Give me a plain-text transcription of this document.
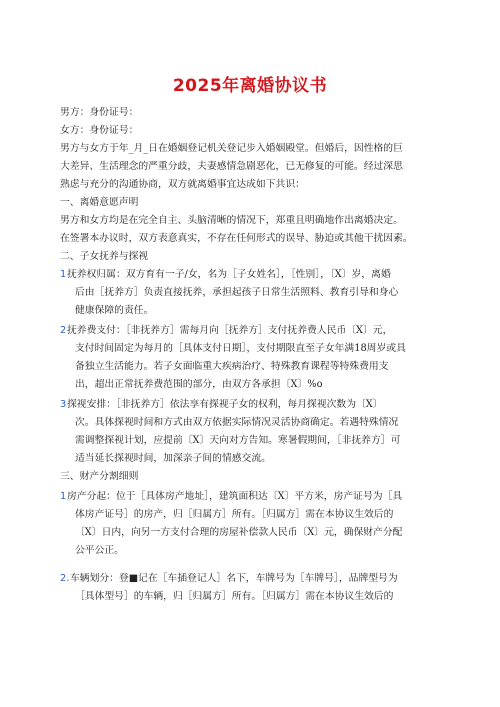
2025年离婚协议书
男方：身份证号：
女方：身份证号：
男方与女方于年_月_日在婚姻登记机关登记步入婚姻殿堂。但婚后，因性格的巨
大差异、生活理念的严重分歧，夫妻感情急剧恶化，已无修复的可能。经过深思
熟虑与充分的沟通协商，双方就离婚事宜达成如下共识：
一、离婚意愿声明
男方和女方均是在完全自主、头脑清晰的情况下，郑重且明确地作出离婚决定。
在签署本办议时，双方表意真实，不存在任何形式的误导、胁迫或其他干扰因素。
二、子女抚养与探视
1 抚养权归属：双方育有一子/女，名为［子女姓名］，［性别］，〔X〕岁，离婚
后由［抚养方］负责直接抚养，承担起孩子日常生活照料、教育引导和身心
健康保障的责任。
2 抚养费支付：［非抚养方］需每月向［抚养方］支付抚养费人民币〔X〕元，
支付时间固定为每月的［具体支付日期］，支付期限直至子女年满18周岁或具
备独立生活能力。若子女面临重大疾病治疗、特殊教育课程等特殊费用支
出，超出正常抚养费范围的部分，由双方各承担〔X〕%o
3 探视安排：［非抚养方］依法享有探视子女的权利，每月探视次数为〔X〕
次。具体探视时间和方式由双方依据实际情况灵活协商确定。若遇特殊情况
需调整探视计划，应提前〔X〕天向对方告知。寒暑假期间，［非抚养方］可
适当延长探视时间，加深亲子间的情感交流。
三、财产分割细则
1 房产分起：位于［具体房产地址］，建筑面积达〔X〕平方米，房产证号为［具
体房产证号］的房产，归［归属方］所有。［归属方］需在本协议生效后的
〔X〕日内，向另一方支付合理的房屋补偿款人民币〔X〕元，确保财产分配
公平公正。
2. 车辆划分：登■记在［车插登记人］名下，车牌号为［车牌号］，品牌型号为
［具体型号］的车辆，归［归属方］所有。［归属方］需在本协议生效后的
